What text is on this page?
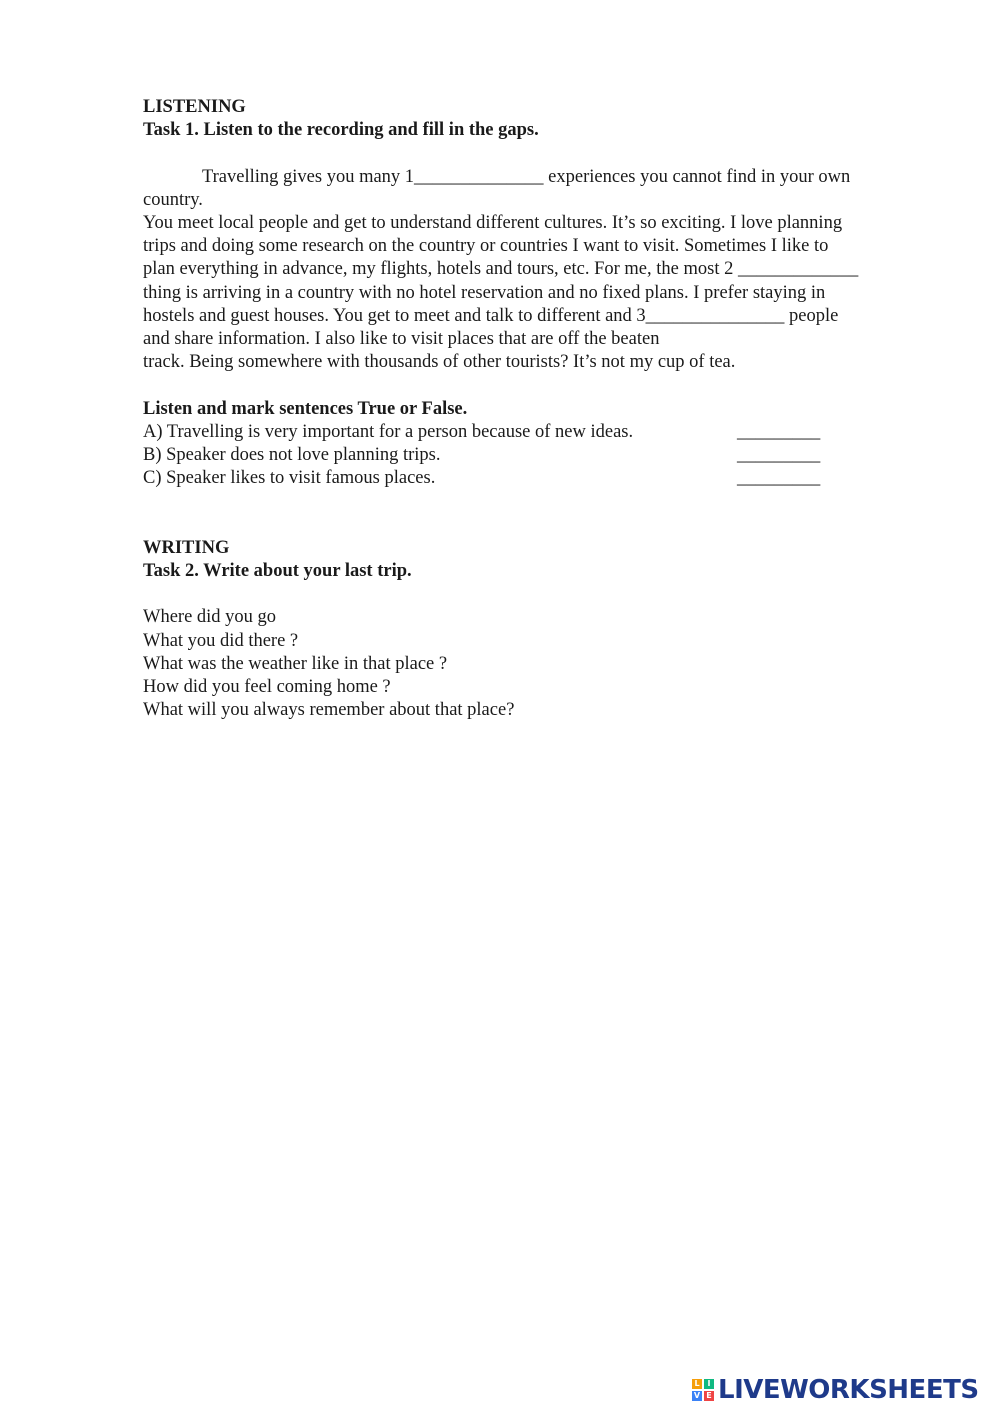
LISTENING
Task 1. Listen to the recording and fill in the gaps.
Travelling gives you many 1______________ experiences you cannot find in your own
country.
You meet local people and get to understand different cultures. It’s so exciting. I love planning
trips and doing some research on the country or countries I want to visit. Sometimes I like to
plan everything in advance, my flights, hotels and tours, etc. For me, the most 2 _____________
thing is arriving in a country with no hotel reservation and no fixed plans. I prefer staying in
hostels and guest houses. You get to meet and talk to different and 3_______________ people
and share information. I also like to visit places that are off the beaten
track. Being somewhere with thousands of other tourists? It’s not my cup of tea.
Listen and mark sentences True or False.
A) Travelling is very important for a person because of new ideas.	_________
B) Speaker does not love planning trips.	_________
C) Speaker likes to visit famous places.	_________
WRITING
Task 2. Write about your last trip.
Where did you go
What you did there ?
What was the weather like in that place ?
How did you feel coming home ?
What will you always remember about that place?
L I
V E LIVEWORKSHEETS
